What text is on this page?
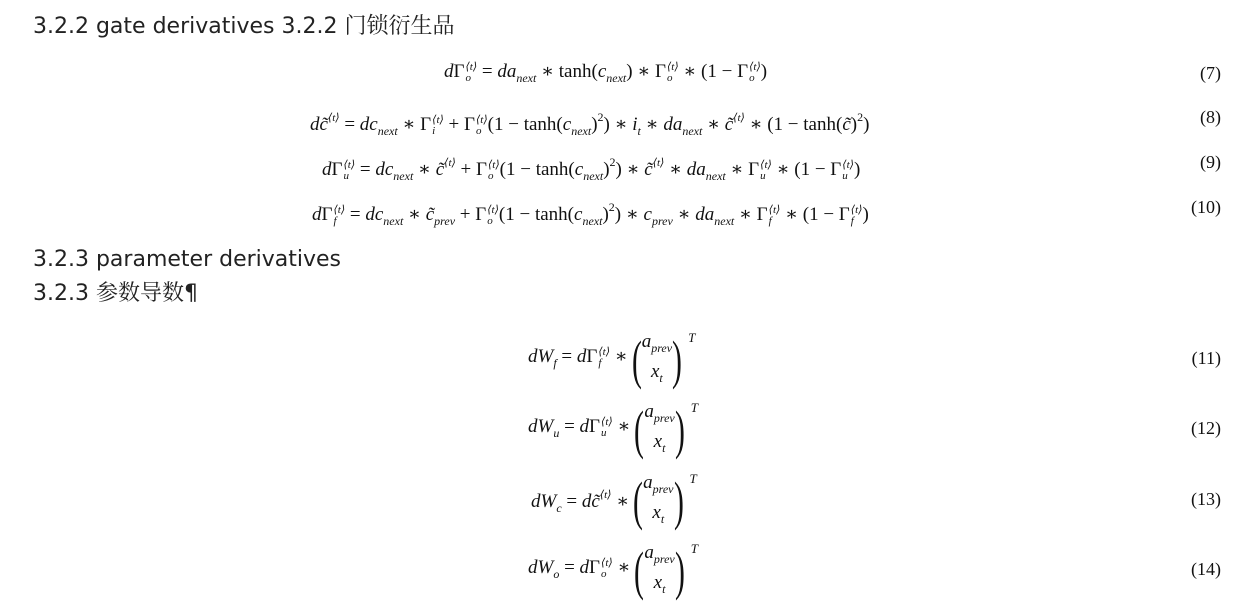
3.2.2 gate derivatives 3.2.2 门锁衍生品
3.2.3 parameter derivatives
3.2.3 参数导数¶
dΓ ⟨t⟩
$o = da_{next}$ ∗ $\tanh(c_{next})$ ∗ Γ ⟨t⟩
o ∗ (1 − Γ ⟨t⟩
o )	(7)
dc̃$^{⟨t⟩}$ = $dc_{next}$ ∗ Γ ⟨t⟩
i + Γ ⟨t⟩
o $(1 - \tanh(c_{next})^2)$ ∗ $i_t$ ∗ $da_{next}$ ∗ c̃$^{⟨t⟩}$ ∗ (1 − tanh(c̃)$^2$)	(8)
dΓ ⟨t⟩
$u = dc_{next}$ ∗ c̃$^{⟨t⟩}$ + Γ ⟨t⟩
o $(1 - \tanh(c_{next})^2)$ ∗ c̃$^{⟨t⟩}$ ∗ $da_{next}$ ∗ Γ ⟨t⟩
u ∗ (1 − Γ ⟨t⟩
u )	(9)
dΓ ⟨t⟩
$f = dc_{next}$ ∗ $c̃_{prev} + \Gamma$ ⟨t⟩
o $(1 - \tanh(c_{next})^2)$ ∗ $c_{prev}$ ∗ $da_{next}$ ∗ Γ ⟨t⟩
f ∗ (1 − Γ ⟨t⟩
f )	(10)
$dW_f = d\Gamma$ ⟨t⟩
f ∗ ( $a_{prev}$
$x_t$ ) T
(11)
$dW_u = d\Gamma$ ⟨t⟩
u ∗ ( $a_{prev}$
$x_t$ ) T
(12)
$dW_c$ = dc̃$^{⟨t⟩}$ ∗ ( $a_{prev}$
$x_t$ ) T
(13)
$dW_o = d\Gamma$ ⟨t⟩
o ∗ ( $a_{prev}$
$x_t$ ) T
(14)
